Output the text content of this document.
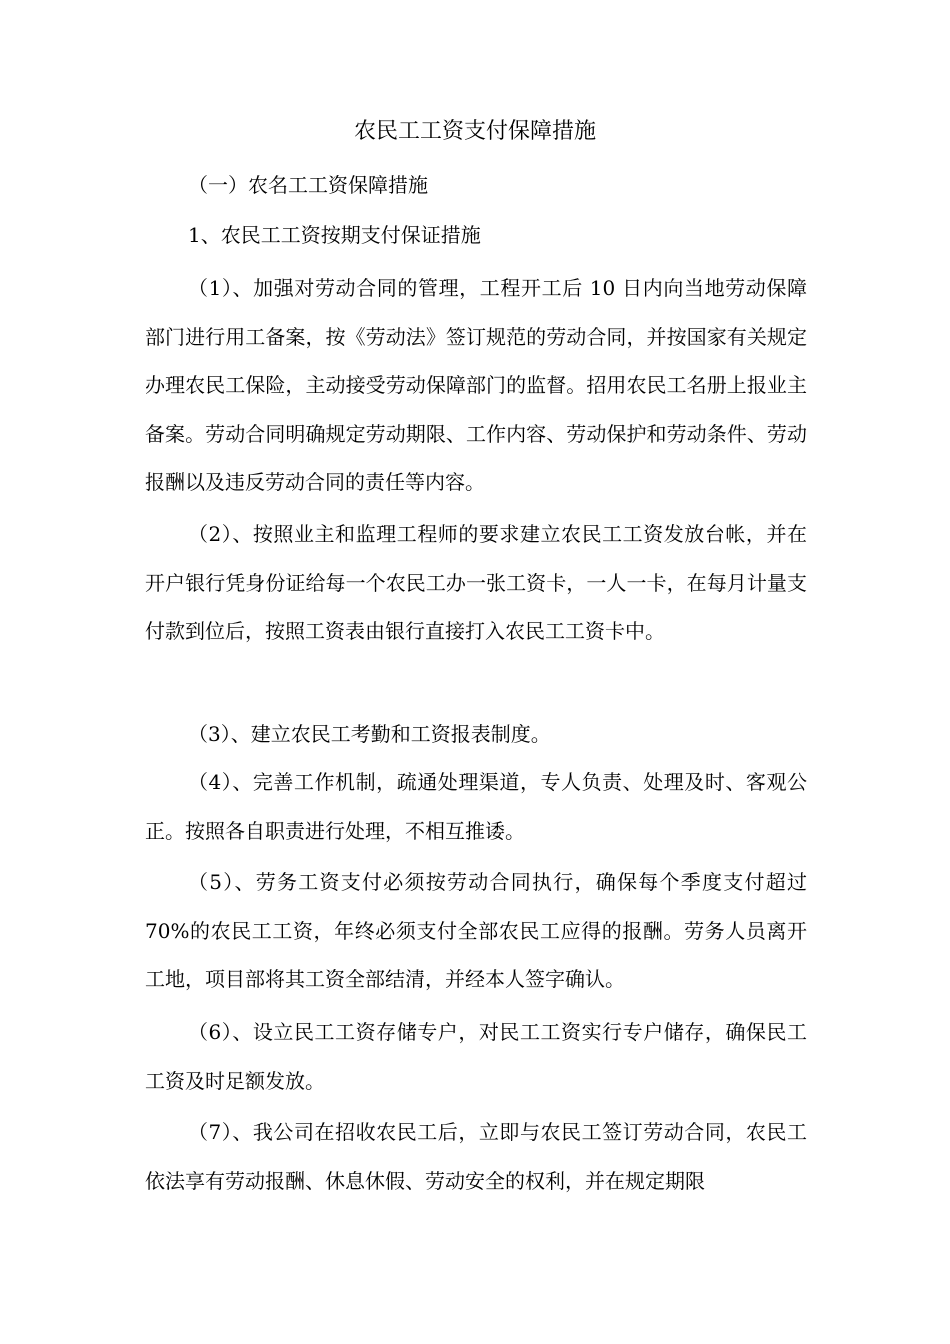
农民工工资支付保障措施

（一）农名工工资保障措施

1、农民工工资按期支付保证措施

（1）、加强对劳动合同的管理，工程开工后 10 日内向当地劳动保障部门进行用工备案，按《劳动法》签订规范的劳动合同，并按国家有关规定办理农民工保险，主动接受劳动保障部门的监督。招用农民工名册上报业主备案。劳动合同明确规定劳动期限、工作内容、劳动保护和劳动条件、劳动报酬以及违反劳动合同的责任等内容。

（2）、按照业主和监理工程师的要求建立农民工工资发放台帐，并在开户银行凭身份证给每一个农民工办一张工资卡，一人一卡，在每月计量支付款到位后，按照工资表由银行直接打入农民工工资卡中。

（3）、建立农民工考勤和工资报表制度。

（4）、完善工作机制，疏通处理渠道，专人负责、处理及时、客观公正。按照各自职责进行处理，不相互推诿。

（5）、劳务工资支付必须按劳动合同执行，确保每个季度支付超过 70%的农民工工资，年终必须支付全部农民工应得的报酬。劳务人员离开工地，项目部将其工资全部结清，并经本人签字确认。

（6）、设立民工工资存储专户，对民工工资实行专户储存，确保民工工资及时足额发放。

（7）、我公司在招收农民工后，立即与农民工签订劳动合同，农民工依法享有劳动报酬、休息休假、劳动安全的权利，并在规定期限
